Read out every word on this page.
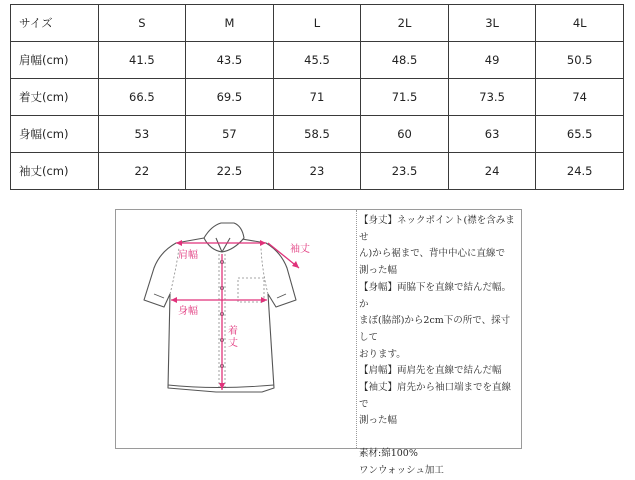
サイズ	S	M	L	2L	3L	4L
肩幅(cm)	41.5	43.5	45.5	48.5	49	50.5
着丈(cm)	66.5	69.5	71	71.5	73.5	74
身幅(cm)	53	57	58.5	60	63	65.5
袖丈(cm)	22	22.5	23	23.5	24	24.5
肩幅
袖丈
身幅
着
丈

【身丈】ネックポイント(襟を含みませ

ん)から裾まで、背中中心に直線で

測った幅

【身幅】両脇下を直線で結んだ幅。か

まぼ(脇部)から2cm下の所で、採寸して

おります。

【肩幅】両肩先を直線で結んだ幅

【袖丈】肩先から袖口端までを直線で

測った幅

素材:綿100%

ワンウォッシュ加工
